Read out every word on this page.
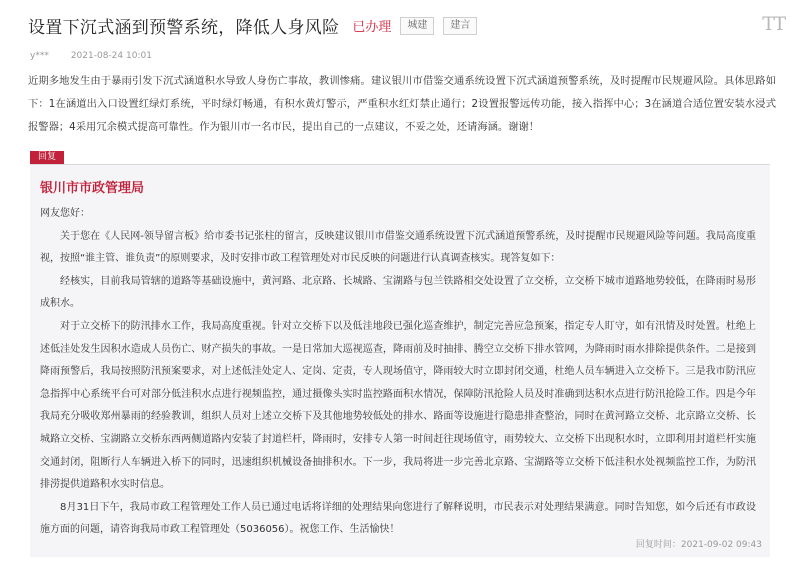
设置下沉式涵到预警系统，降低人身风险 已办理	城建	建言	TT
y*** 2021-08-24 10:01

近期多地发生由于暴雨引发下沉式涵道积水导致人身伤亡事故，教训惨痛。建议银川市借鉴交通系统设置下沉式涵道预警系统，及时提醒市民规避风险。具体思路如下：1在涵道出入口设置红绿灯系统，平时绿灯畅通，有积水黄灯警示，严重积水红灯禁止通行；2设置报警远传功能，接入指挥中心；3在涵道合适位置安装水浸式报警器；4采用冗余模式提高可靠性。作为银川市一名市民，提出自己的一点建议，不妥之处，还请海涵。谢谢！

回复
银川市市政管理局

网友您好：

关于您在《人民网-领导留言板》给市委书记张柱的留言，反映建议银川市借鉴交通系统设置下沉式涵道预警系统，及时提醒市民规避风险等问题。我局高度重视，按照“谁主管、谁负责”的原则要求，及时安排市政工程管理处对市民反映的问题进行认真调查核实。现答复如下：

经核实，目前我局管辖的道路等基础设施中，黄河路、北京路、长城路、宝湖路与包兰铁路相交处设置了立交桥，立交桥下城市道路地势较低，在降雨时易形成积水。

对于立交桥下的防汛排水工作，我局高度重视。针对立交桥下以及低洼地段已强化巡查维护，制定完善应急预案，指定专人盯守，如有汛情及时处置。杜绝上述低洼处发生因积水造成人员伤亡、财产损失的事故。一是日常加大巡视巡查，降雨前及时抽排、腾空立交桥下排水管网，为降雨时雨水排除提供条件。二是接到降雨预警后，我局按照防汛预案要求，对上述低洼处定人、定岗、定责，专人现场值守，降雨较大时立即封闭交通，杜绝人员车辆进入立交桥下。三是我市防汛应急指挥中心系统平台可对部分低洼积水点进行视频监控，通过摄像头实时监控路面积水情况，保障防汛抢险人员及时准确到达积水点进行防汛抢险工作。四是今年我局充分吸收郑州暴雨的经验教训，组织人员对上述立交桥下及其他地势较低处的排水、路面等设施进行隐患排查整治，同时在黄河路立交桥、北京路立交桥、长城路立交桥、宝湖路立交桥东西两侧道路内安装了封道栏杆，降雨时，安排专人第一时间赶往现场值守，雨势较大、立交桥下出现积水时，立即利用封道栏杆实施交通封闭，阻断行人车辆进入桥下的同时，迅速组织机械设备抽排积水。下一步，我局将进一步完善北京路、宝湖路等立交桥下低洼积水处视频监控工作，为防汛排涝提供道路积水实时信息。

8月31日下午，我局市政工程管理处工作人员已通过电话将详细的处理结果向您进行了解释说明，市民表示对处理结果满意。同时告知您，如今后还有市政设施方面的问题，请咨询我局市政工程管理处（5036056）。祝您工作、生活愉快！

回复时间：2021-09-02 09:43
